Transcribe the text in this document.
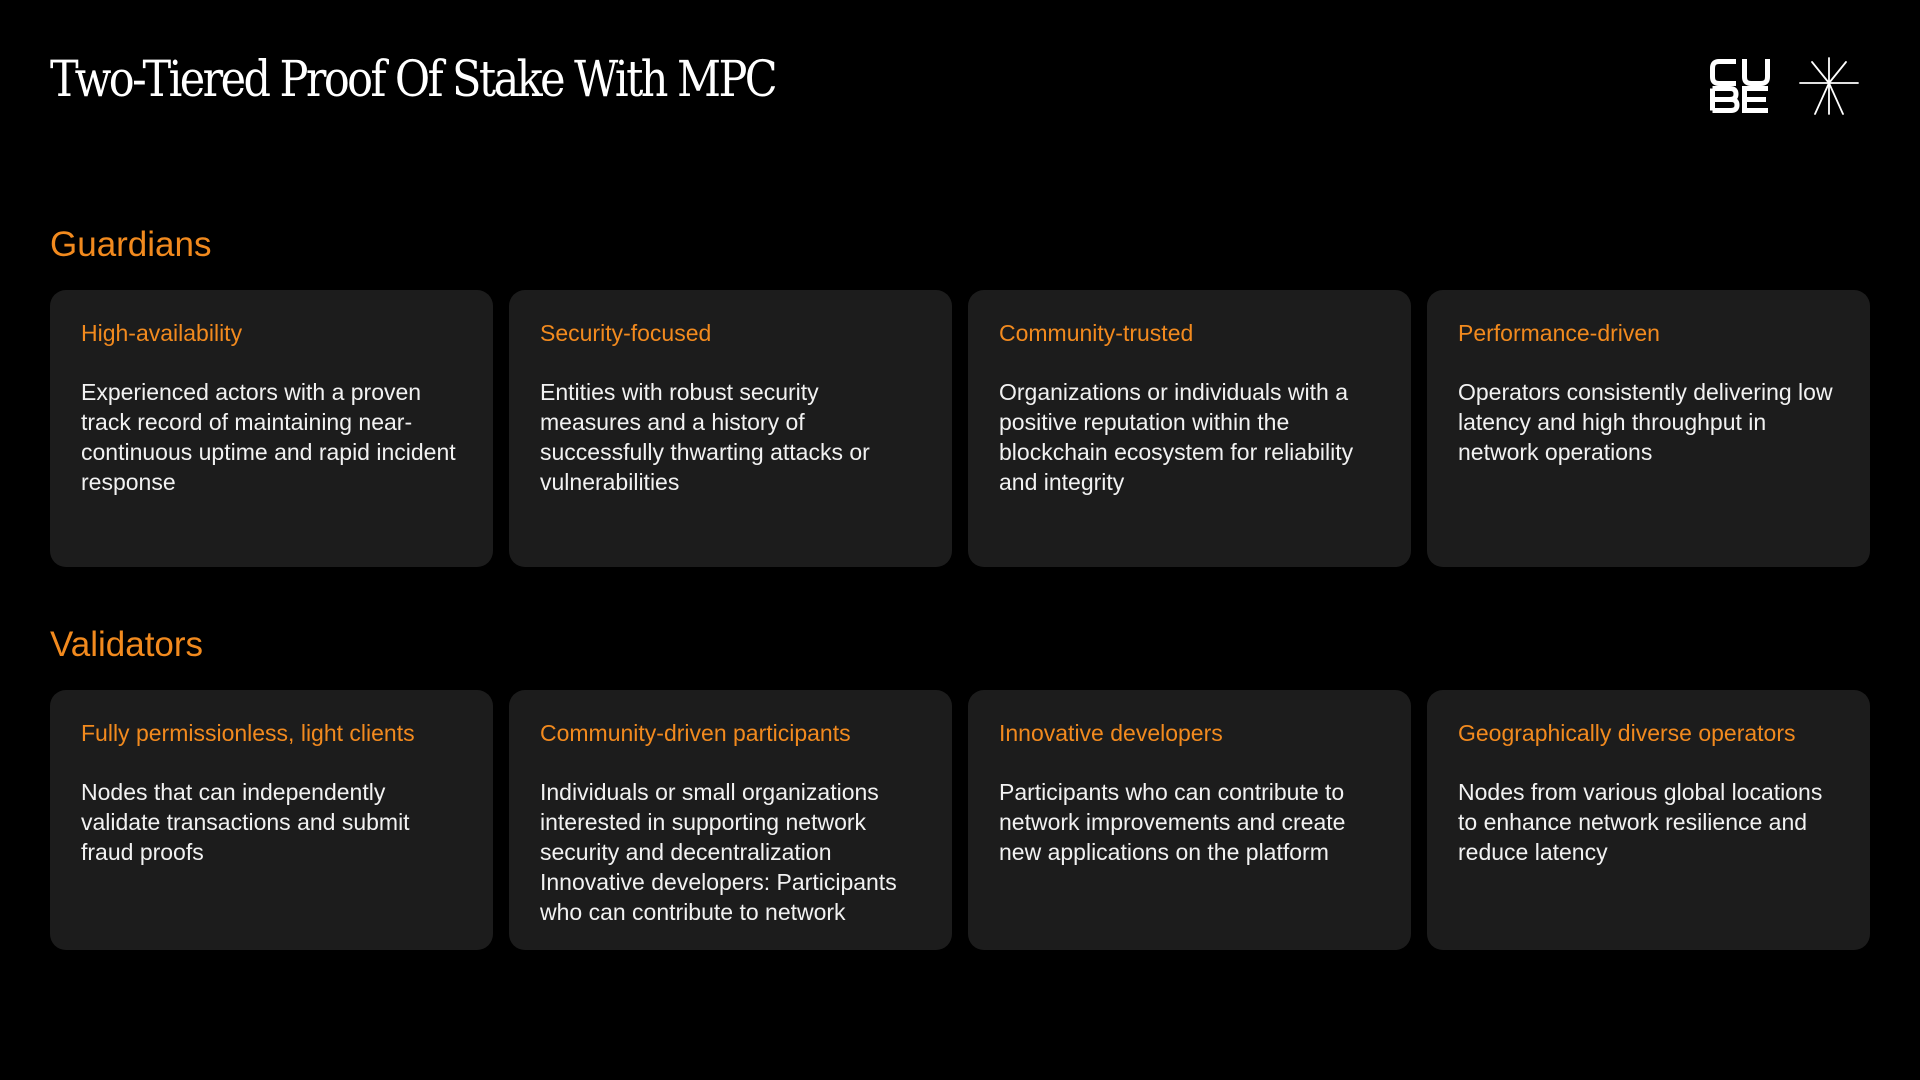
Two-Tiered Proof Of Stake With MPC
Guardians
High-availability
Experienced actors with a proven track record of maintaining near-continuous uptime and rapid incident response
Security-focused
Entities with robust security measures and a history of successfully thwarting attacks or vulnerabilities
Community-trusted
Organizations or individuals with a positive reputation within the blockchain ecosystem for reliability and integrity
Performance-driven
Operators consistently delivering low latency and high throughput in network operations
Validators
Fully permissionless, light clients
Nodes that can independently validate transactions and submit fraud proofs
Community-driven participants
Individuals or small organizations interested in supporting network security and decentralization Innovative developers: Participants who can contribute to network
Innovative developers
Participants who can contribute to network improvements and create new applications on the platform
Geographically diverse operators
Nodes from various global locations to enhance network resilience and reduce latency
